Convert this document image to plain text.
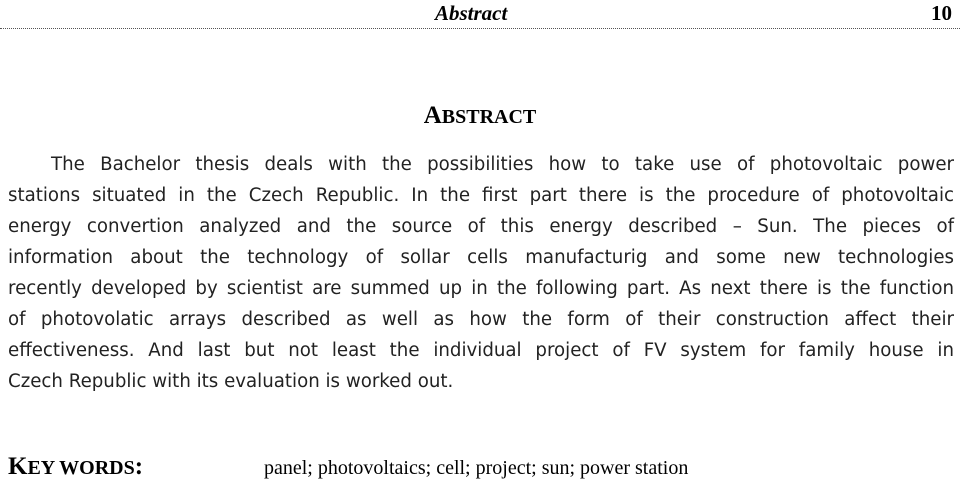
Abstract	10
ABSTRACT
The Bachelor thesis deals with the possibilities how to take use of photovoltaic power
stations situated in the Czech Republic. In the first part there is the procedure of photovoltaic
energy convertion analyzed and the source of this energy described – Sun. The pieces of
information about the technology of sollar cells manufacturig and some new technologies
recently developed by scientist are summed up in the following part. As next there is the function
of photovolatic arrays described as well as how the form of their construction affect their
effectiveness. And last but not least the individual project of FV system for family house in
Czech Republic with its evaluation is worked out.
KEY WORDS:	panel; photovoltaics; cell; project; sun; power station
